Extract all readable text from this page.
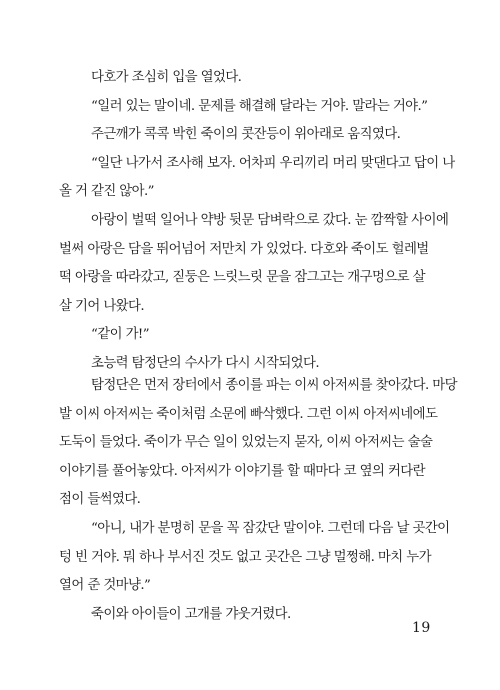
다호가 조심히 입을 열었다.

“일러 있는 말이네. 문제를 해결해 달라는 거야. 말라는 거야.”

주근깨가 콕콕 박힌 죽이의 콧잔등이 위아래로 움직였다.

“일단 나가서 조사해 보자. 어차피 우리끼리 머리 맞댄다고 답이 나
올 거 같진 않아.”

아랑이 벌떡 일어나 약방 뒷문 담벼락으로 갔다. 눈 깜짝할 사이에
벌써 아랑은 담을 뛰어넘어 저만치 가 있었다. 다호와 죽이도 헐레벌
떡 아랑을 따라갔고, 짇둥은 느릿느릿 문을 잠그고는 개구멍으로 살
살 기어 나왔다.

“같이 가!”

초능력 탐정단의 수사가 다시 시작되었다.

탐정단은 먼저 장터에서 종이를 파는 이씨 아저씨를 찾아갔다. 마당
발 이씨 아저씨는 죽이처럼 소문에 빠삭했다. 그런 이씨 아저씨네에도
도둑이 들었다. 죽이가 무슨 일이 있었는지 묻자, 이씨 아저씨는 술술
이야기를 풀어놓았다. 아저씨가 이야기를 할 때마다 코 옆의 커다란
점이 들썩였다.

“아니, 내가 분명히 문을 꼭 잠갔단 말이야. 그런데 다음 날 곳간이
텅 빈 거야. 뭐 하나 부서진 것도 없고 곳간은 그냥 멀쩡해. 마치 누가
열어 준 것마냥.”

죽이와 아이들이 고개를 갸웃거렸다.

19
